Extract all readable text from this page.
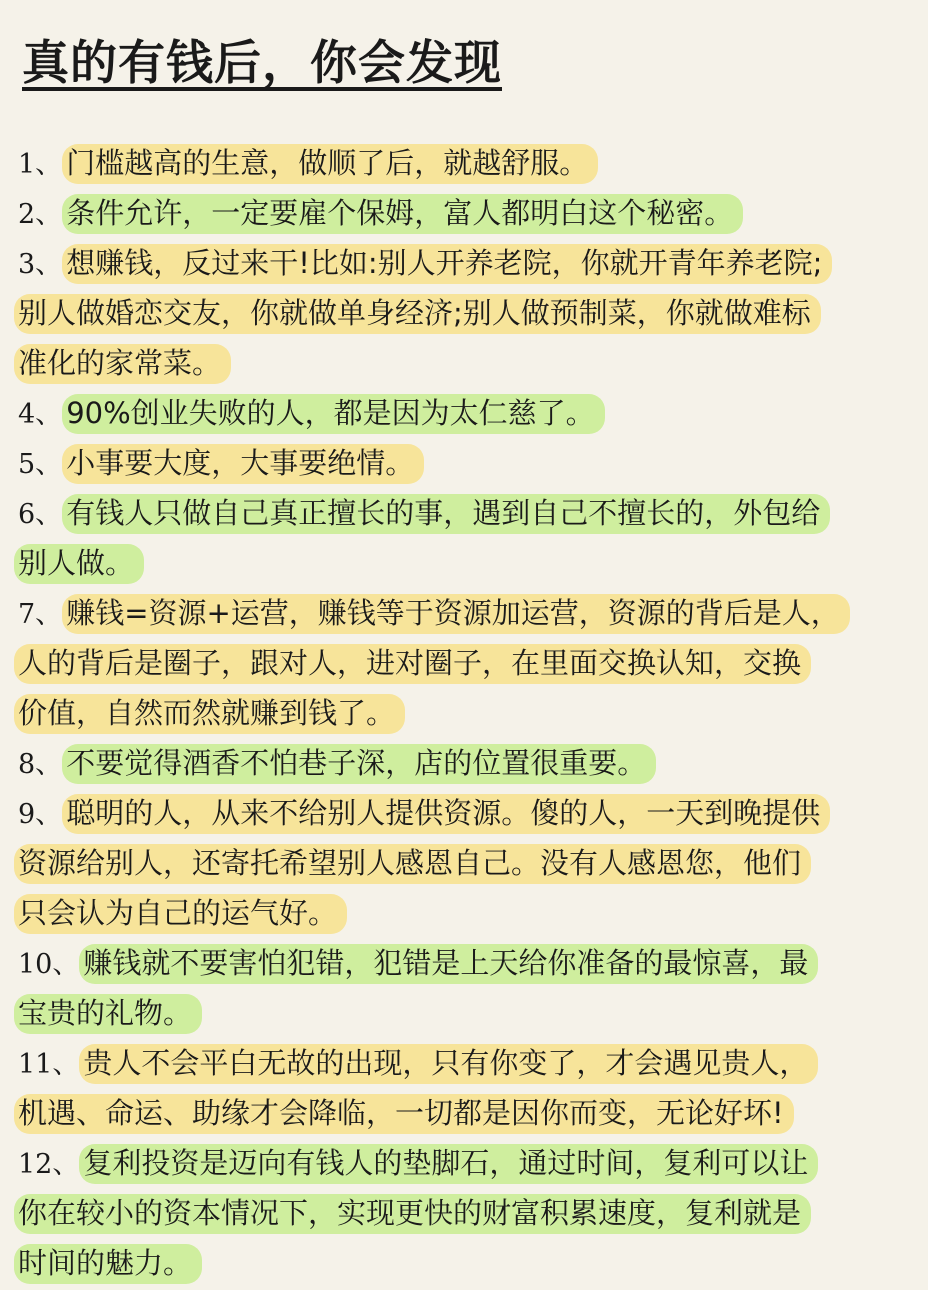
真的有钱后，你会发现
1、 门槛越高的生意，做顺了后，就越舒服。
2、 条件允许，一定要雇个保姆，富人都明白这个秘密。
3、 想赚钱，反过来干!比如:别人开养老院，你就开青年养老院;
别人做婚恋交友，你就做单身经济;别人做预制菜，你就做难标
准化的家常菜。
4、 90%创业失败的人，都是因为太仁慈了。
5、 小事要大度，大事要绝情。
6、 有钱人只做自己真正擅长的事，遇到自己不擅长的，外包给
别人做。
7、 赚钱=资源+运营，赚钱等于资源加运营，资源的背后是人，
人的背后是圈子，跟对人，进对圈子，在里面交换认知，交换
价值，自然而然就赚到钱了。
8、 不要觉得酒香不怕巷子深，店的位置很重要。
9、 聪明的人，从来不给别人提供资源。傻的人，一天到晚提供
资源给别人，还寄托希望别人感恩自己。没有人感恩您，他们
只会认为自己的运气好。
10、 赚钱就不要害怕犯错，犯错是上天给你准备的最惊喜，最
宝贵的礼物。
11、 贵人不会平白无故的出现，只有你变了，才会遇见贵人，
机遇、命运、助缘才会降临，一切都是因你而变，无论好坏!
12、 复利投资是迈向有钱人的垫脚石，通过时间，复利可以让
你在较小的资本情况下，实现更快的财富积累速度，复利就是
时间的魅力。
